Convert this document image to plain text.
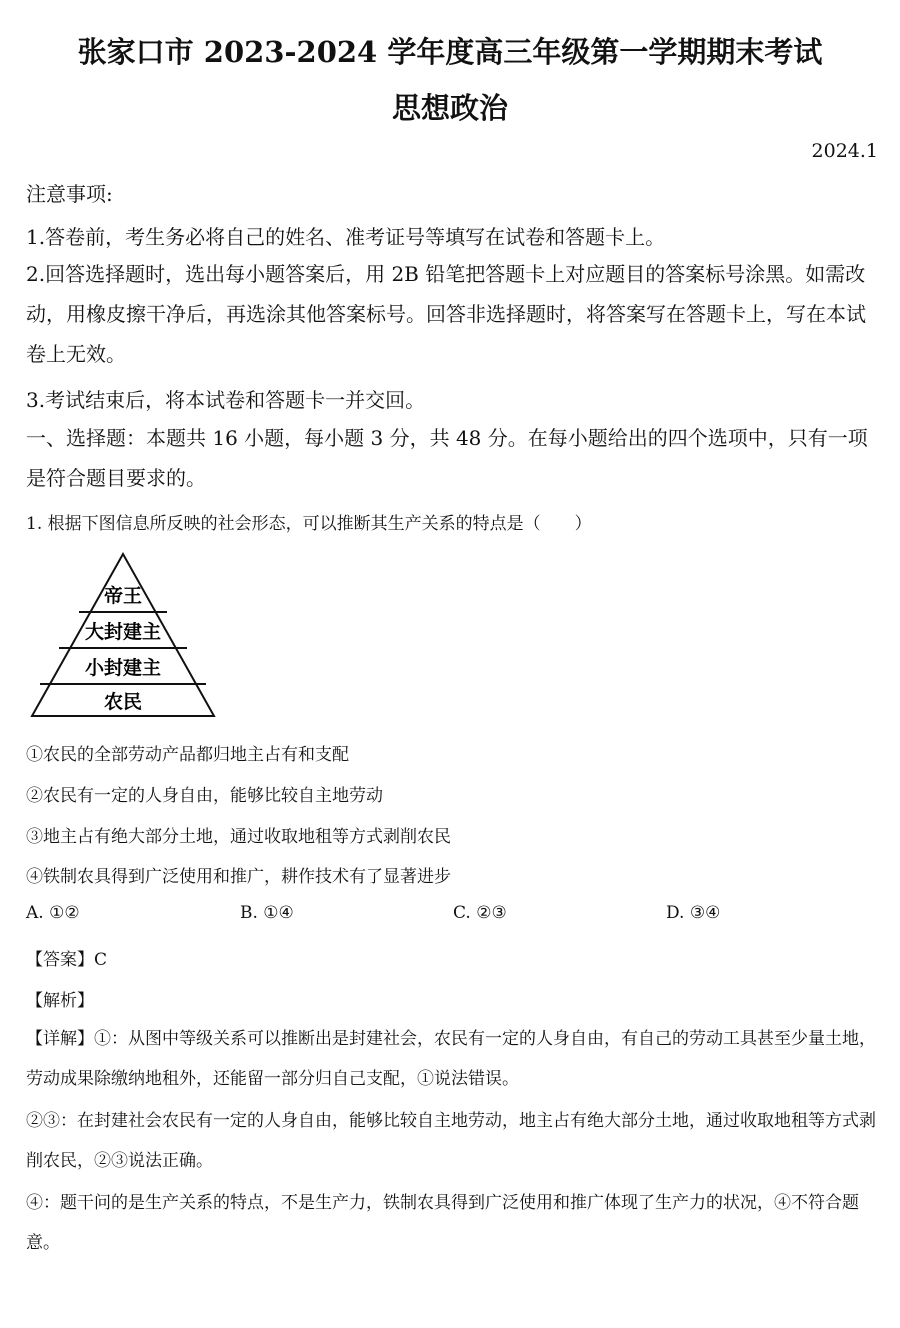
张家口市 2023-2024 学年度高三年级第一学期期末考试
思想政治
2024.1
注意事项:
1.答卷前，考生务必将自己的姓名、准考证号等填写在试卷和答题卡上。
2.回答选择题时，选出每小题答案后，用 2B 铅笔把答题卡上对应题目的答案标号涂黑。如需改动，用橡皮擦干净后，再选涂其他答案标号。回答非选择题时，将答案写在答题卡上，写在本试卷上无效。
3.考试结束后，将本试卷和答题卡一并交回。
一、选择题：本题共 16 小题，每小题 3 分，共 48 分。在每小题给出的四个选项中，只有一项是符合题目要求的。
1. 根据下图信息所反映的社会形态，可以推断其生产关系的特点是（　　）
帝王
大封建主
小封建主
农民
①农民的全部劳动产品都归地主占有和支配
②农民有一定的人身自由，能够比较自主地劳动
③地主占有绝大部分土地，通过收取地租等方式剥削农民
④铁制农具得到广泛使用和推广，耕作技术有了显著进步
A. ①②	B. ①④	C. ②③	D. ③④
【答案】C
【解析】
【详解】①：从图中等级关系可以推断出是封建社会，农民有一定的人身自由，有自己的劳动工具甚至少量土地，劳动成果除缴纳地租外，还能留一部分归自己支配，①说法错误。
②③：在封建社会农民有一定的人身自由，能够比较自主地劳动，地主占有绝大部分土地，通过收取地租等方式剥削农民，②③说法正确。
④：题干问的是生产关系的特点，不是生产力，铁制农具得到广泛使用和推广体现了生产力的状况，④不符合题意。
